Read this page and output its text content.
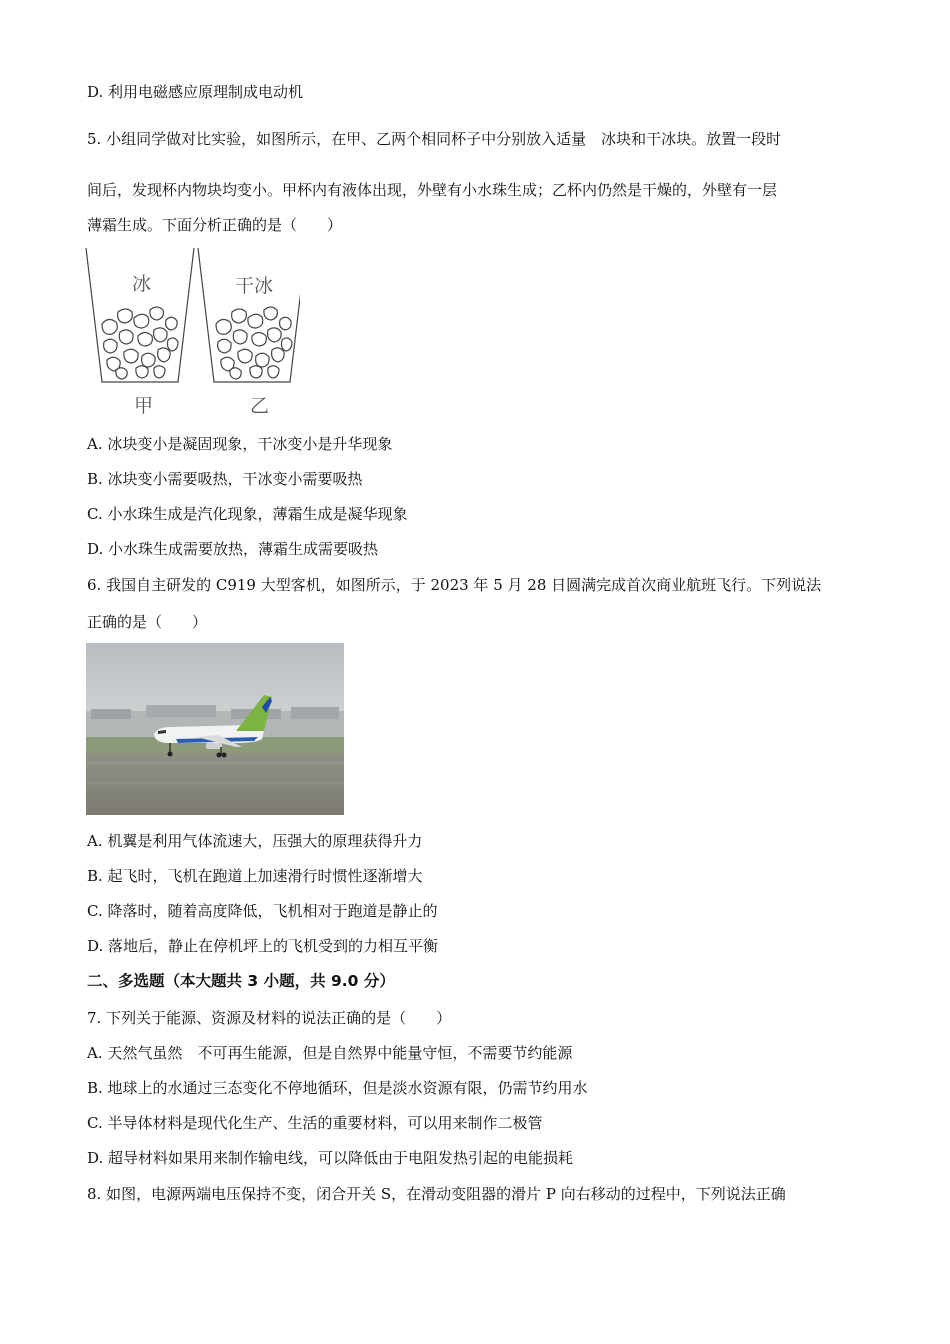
D. 利用电磁感应原理制成电动机
5. 小组同学做对比实验，如图所示，在甲、乙两个相同杯子中分别放入适量　冰块和干冰块。放置一段时
间后，发现杯内物块均变小。甲杯内有液体出现，外壁有小水珠生成；乙杯内仍然是干燥的，外壁有一层
薄霜生成。下面分析正确的是（　　）
冰	干冰
甲	乙
A. 冰块变小是凝固现象，干冰变小是升华现象
B. 冰块变小需要吸热，干冰变小需要吸热
C. 小水珠生成是汽化现象，薄霜生成是凝华现象
D. 小水珠生成需要放热，薄霜生成需要吸热
6. 我国自主研发的 C919 大型客机，如图所示，于 2023 年 5 月 28 日圆满完成首次商业航班飞行。下列说法
正确的是（　　）
A. 机翼是利用气体流速大，压强大的原理获得升力
B. 起飞时，飞机在跑道上加速滑行时惯性逐渐增大
C. 降落时，随着高度降低，飞机相对于跑道是静止的
D. 落地后，静止在停机坪上的飞机受到的力相互平衡
二、多选题（本大题共 3 小题，共 9.0 分）
7. 下列关于能源、资源及材料的说法正确的是（　　）
A. 天然气虽然　不可再生能源，但是自然界中能量守恒，不需要节约能源
B. 地球上的水通过三态变化不停地循环，但是淡水资源有限，仍需节约用水
C. 半导体材料是现代化生产、生活的重要材料，可以用来制作二极管
D. 超导材料如果用来制作输电线，可以降低由于电阻发热引起的电能损耗
8. 如图，电源两端电压保持不变，闭合开关 S，在滑动变阻器的滑片 P 向右移动的过程中，下列说法正确
